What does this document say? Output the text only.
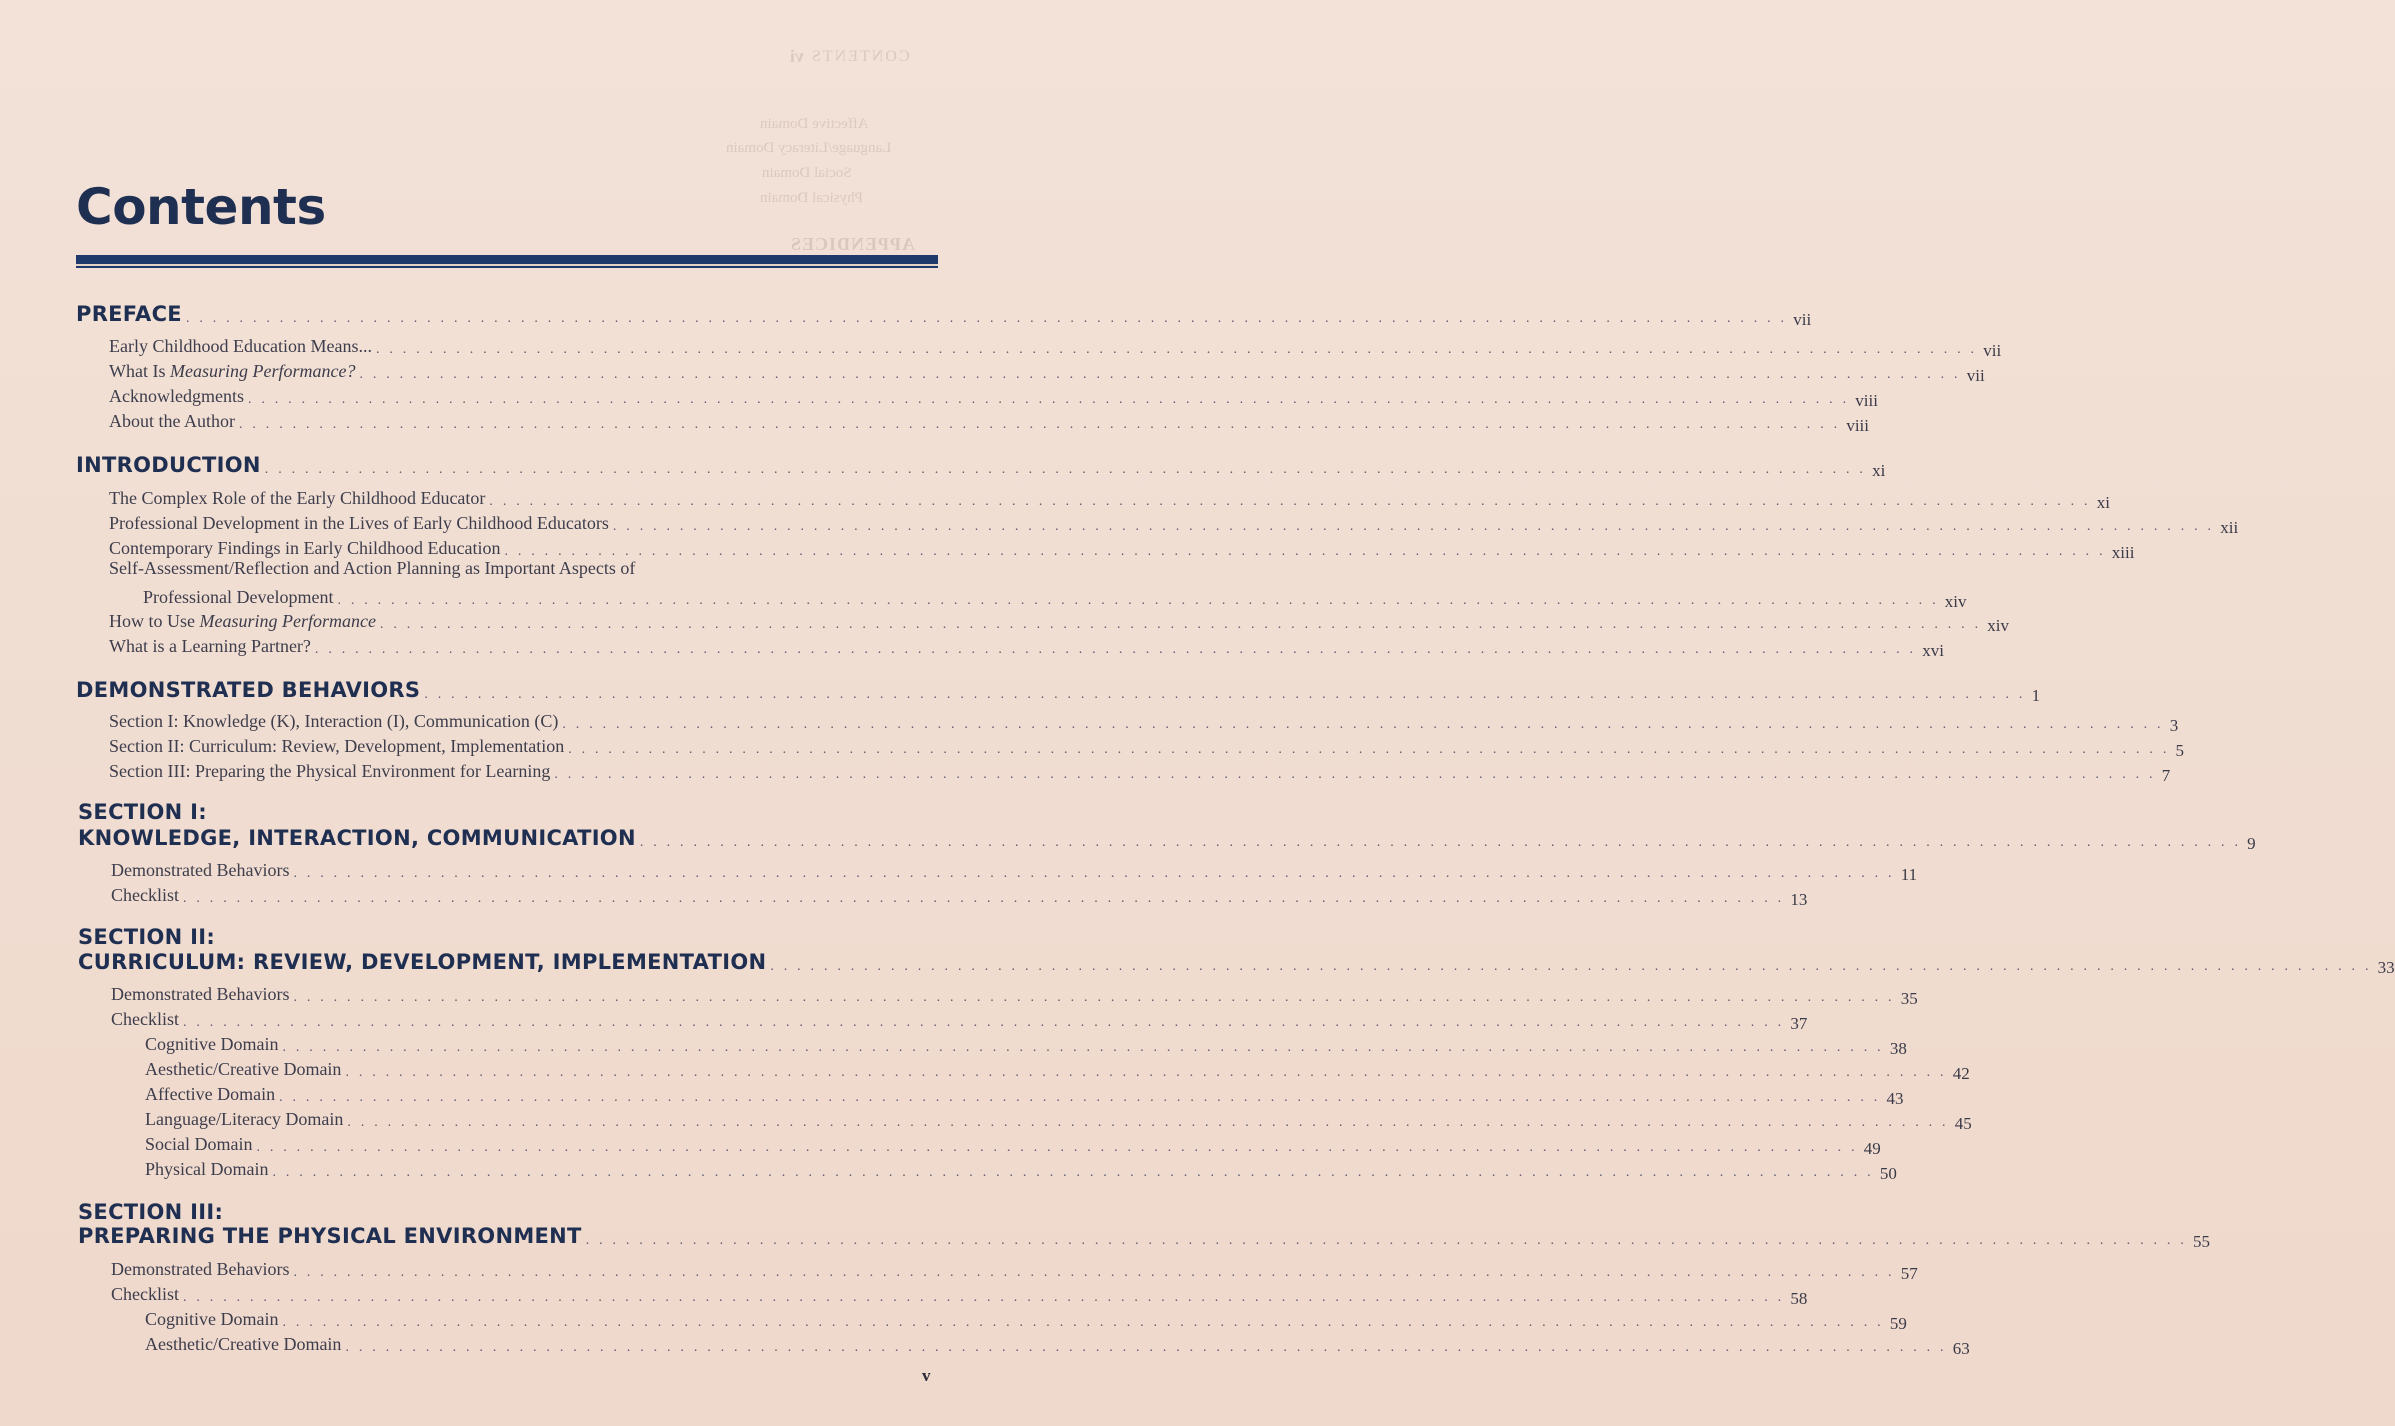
vi CONTENTS
Affective Domain
Language/Literacy Domain
Social Domain
Physical Domain
APPENDICES
Contents
PREFACE . . . . . . . . . . . . . . . . . . . . . . . . . . . . . . . . . . . . . . . . . . . . . . . . . . . . . . . . . . . . . . . . . . . . . . . . . . . . . . . . . . . . . . . . . . . . . . . . . . . . . . . . . . . . . . . . . . . . . . . . vii
Early Childhood Education Means... . . . . . . . . . . . . . . . . . . . . . . . . . . . . . . . . . . . . . . . . . . . . . . . . . . . . . . . . . . . . . . . . . . . . . . . . . . . . . . . . . . . . . . . . . . . . . . . . . . . . . . . . . . . . . . . . . . . . . . . . vii
What Is Measuring Performance? . . . . . . . . . . . . . . . . . . . . . . . . . . . . . . . . . . . . . . . . . . . . . . . . . . . . . . . . . . . . . . . . . . . . . . . . . . . . . . . . . . . . . . . . . . . . . . . . . . . . . . . . . . . . . . . . . . . . . . . . vii
Acknowledgments . . . . . . . . . . . . . . . . . . . . . . . . . . . . . . . . . . . . . . . . . . . . . . . . . . . . . . . . . . . . . . . . . . . . . . . . . . . . . . . . . . . . . . . . . . . . . . . . . . . . . . . . . . . . . . . . . . . . . . . . viii
About the Author . . . . . . . . . . . . . . . . . . . . . . . . . . . . . . . . . . . . . . . . . . . . . . . . . . . . . . . . . . . . . . . . . . . . . . . . . . . . . . . . . . . . . . . . . . . . . . . . . . . . . . . . . . . . . . . . . . . . . . . . viii
INTRODUCTION . . . . . . . . . . . . . . . . . . . . . . . . . . . . . . . . . . . . . . . . . . . . . . . . . . . . . . . . . . . . . . . . . . . . . . . . . . . . . . . . . . . . . . . . . . . . . . . . . . . . . . . . . . . . . . . . . . . . . . . . xi
The Complex Role of the Early Childhood Educator . . . . . . . . . . . . . . . . . . . . . . . . . . . . . . . . . . . . . . . . . . . . . . . . . . . . . . . . . . . . . . . . . . . . . . . . . . . . . . . . . . . . . . . . . . . . . . . . . . . . . . . . . . . . . . . . . . . . . . . . xi
Professional Development in the Lives of Early Childhood Educators . . . . . . . . . . . . . . . . . . . . . . . . . . . . . . . . . . . . . . . . . . . . . . . . . . . . . . . . . . . . . . . . . . . . . . . . . . . . . . . . . . . . . . . . . . . . . . . . . . . . . . . . . . . . . . . . . . . . . . . . xii
Contemporary Findings in Early Childhood Education . . . . . . . . . . . . . . . . . . . . . . . . . . . . . . . . . . . . . . . . . . . . . . . . . . . . . . . . . . . . . . . . . . . . . . . . . . . . . . . . . . . . . . . . . . . . . . . . . . . . . . . . . . . . . . . . . . . . . . . . xiii
Self-Assessment/Reflection and Action Planning as Important Aspects of
Professional Development . . . . . . . . . . . . . . . . . . . . . . . . . . . . . . . . . . . . . . . . . . . . . . . . . . . . . . . . . . . . . . . . . . . . . . . . . . . . . . . . . . . . . . . . . . . . . . . . . . . . . . . . . . . . . . . . . . . . . . . . xiv
How to Use Measuring Performance . . . . . . . . . . . . . . . . . . . . . . . . . . . . . . . . . . . . . . . . . . . . . . . . . . . . . . . . . . . . . . . . . . . . . . . . . . . . . . . . . . . . . . . . . . . . . . . . . . . . . . . . . . . . . . . . . . . . . . . . xiv
What is a Learning Partner? . . . . . . . . . . . . . . . . . . . . . . . . . . . . . . . . . . . . . . . . . . . . . . . . . . . . . . . . . . . . . . . . . . . . . . . . . . . . . . . . . . . . . . . . . . . . . . . . . . . . . . . . . . . . . . . . . . . . . . . . xvi
DEMONSTRATED BEHAVIORS . . . . . . . . . . . . . . . . . . . . . . . . . . . . . . . . . . . . . . . . . . . . . . . . . . . . . . . . . . . . . . . . . . . . . . . . . . . . . . . . . . . . . . . . . . . . . . . . . . . . . . . . . . . . . . . . . . . . . . . . 1
Section I: Knowledge (K), Interaction (I), Communication (C) . . . . . . . . . . . . . . . . . . . . . . . . . . . . . . . . . . . . . . . . . . . . . . . . . . . . . . . . . . . . . . . . . . . . . . . . . . . . . . . . . . . . . . . . . . . . . . . . . . . . . . . . . . . . . . . . . . . . . . . . 3
Section II: Curriculum: Review, Development, Implementation . . . . . . . . . . . . . . . . . . . . . . . . . . . . . . . . . . . . . . . . . . . . . . . . . . . . . . . . . . . . . . . . . . . . . . . . . . . . . . . . . . . . . . . . . . . . . . . . . . . . . . . . . . . . . . . . . . . . . . . . 5
Section III: Preparing the Physical Environment for Learning . . . . . . . . . . . . . . . . . . . . . . . . . . . . . . . . . . . . . . . . . . . . . . . . . . . . . . . . . . . . . . . . . . . . . . . . . . . . . . . . . . . . . . . . . . . . . . . . . . . . . . . . . . . . . . . . . . . . . . . . 7
SECTION I:
KNOWLEDGE, INTERACTION, COMMUNICATION . . . . . . . . . . . . . . . . . . . . . . . . . . . . . . . . . . . . . . . . . . . . . . . . . . . . . . . . . . . . . . . . . . . . . . . . . . . . . . . . . . . . . . . . . . . . . . . . . . . . . . . . . . . . . . . . . . . . . . . . 9
Demonstrated Behaviors . . . . . . . . . . . . . . . . . . . . . . . . . . . . . . . . . . . . . . . . . . . . . . . . . . . . . . . . . . . . . . . . . . . . . . . . . . . . . . . . . . . . . . . . . . . . . . . . . . . . . . . . . . . . . . . . . . . . . . . . 11
Checklist . . . . . . . . . . . . . . . . . . . . . . . . . . . . . . . . . . . . . . . . . . . . . . . . . . . . . . . . . . . . . . . . . . . . . . . . . . . . . . . . . . . . . . . . . . . . . . . . . . . . . . . . . . . . . . . . . . . . . . . . 13
SECTION II:
CURRICULUM: REVIEW, DEVELOPMENT, IMPLEMENTATION . . . . . . . . . . . . . . . . . . . . . . . . . . . . . . . . . . . . . . . . . . . . . . . . . . . . . . . . . . . . . . . . . . . . . . . . . . . . . . . . . . . . . . . . . . . . . . . . . . . . . . . . . . . . . . . . . . . . . . . . 33
Demonstrated Behaviors . . . . . . . . . . . . . . . . . . . . . . . . . . . . . . . . . . . . . . . . . . . . . . . . . . . . . . . . . . . . . . . . . . . . . . . . . . . . . . . . . . . . . . . . . . . . . . . . . . . . . . . . . . . . . . . . . . . . . . . . 35
Checklist . . . . . . . . . . . . . . . . . . . . . . . . . . . . . . . . . . . . . . . . . . . . . . . . . . . . . . . . . . . . . . . . . . . . . . . . . . . . . . . . . . . . . . . . . . . . . . . . . . . . . . . . . . . . . . . . . . . . . . . . 37
Cognitive Domain . . . . . . . . . . . . . . . . . . . . . . . . . . . . . . . . . . . . . . . . . . . . . . . . . . . . . . . . . . . . . . . . . . . . . . . . . . . . . . . . . . . . . . . . . . . . . . . . . . . . . . . . . . . . . . . . . . . . . . . . 38
Aesthetic/Creative Domain . . . . . . . . . . . . . . . . . . . . . . . . . . . . . . . . . . . . . . . . . . . . . . . . . . . . . . . . . . . . . . . . . . . . . . . . . . . . . . . . . . . . . . . . . . . . . . . . . . . . . . . . . . . . . . . . . . . . . . . . 42
Affective Domain . . . . . . . . . . . . . . . . . . . . . . . . . . . . . . . . . . . . . . . . . . . . . . . . . . . . . . . . . . . . . . . . . . . . . . . . . . . . . . . . . . . . . . . . . . . . . . . . . . . . . . . . . . . . . . . . . . . . . . . . 43
Language/Literacy Domain . . . . . . . . . . . . . . . . . . . . . . . . . . . . . . . . . . . . . . . . . . . . . . . . . . . . . . . . . . . . . . . . . . . . . . . . . . . . . . . . . . . . . . . . . . . . . . . . . . . . . . . . . . . . . . . . . . . . . . . . 45
Social Domain . . . . . . . . . . . . . . . . . . . . . . . . . . . . . . . . . . . . . . . . . . . . . . . . . . . . . . . . . . . . . . . . . . . . . . . . . . . . . . . . . . . . . . . . . . . . . . . . . . . . . . . . . . . . . . . . . . . . . . . . 49
Physical Domain . . . . . . . . . . . . . . . . . . . . . . . . . . . . . . . . . . . . . . . . . . . . . . . . . . . . . . . . . . . . . . . . . . . . . . . . . . . . . . . . . . . . . . . . . . . . . . . . . . . . . . . . . . . . . . . . . . . . . . . . 50
SECTION III:
PREPARING THE PHYSICAL ENVIRONMENT . . . . . . . . . . . . . . . . . . . . . . . . . . . . . . . . . . . . . . . . . . . . . . . . . . . . . . . . . . . . . . . . . . . . . . . . . . . . . . . . . . . . . . . . . . . . . . . . . . . . . . . . . . . . . . . . . . . . . . . . 55
Demonstrated Behaviors . . . . . . . . . . . . . . . . . . . . . . . . . . . . . . . . . . . . . . . . . . . . . . . . . . . . . . . . . . . . . . . . . . . . . . . . . . . . . . . . . . . . . . . . . . . . . . . . . . . . . . . . . . . . . . . . . . . . . . . . 57
Checklist . . . . . . . . . . . . . . . . . . . . . . . . . . . . . . . . . . . . . . . . . . . . . . . . . . . . . . . . . . . . . . . . . . . . . . . . . . . . . . . . . . . . . . . . . . . . . . . . . . . . . . . . . . . . . . . . . . . . . . . . 58
Cognitive Domain . . . . . . . . . . . . . . . . . . . . . . . . . . . . . . . . . . . . . . . . . . . . . . . . . . . . . . . . . . . . . . . . . . . . . . . . . . . . . . . . . . . . . . . . . . . . . . . . . . . . . . . . . . . . . . . . . . . . . . . . 59
Aesthetic/Creative Domain . . . . . . . . . . . . . . . . . . . . . . . . . . . . . . . . . . . . . . . . . . . . . . . . . . . . . . . . . . . . . . . . . . . . . . . . . . . . . . . . . . . . . . . . . . . . . . . . . . . . . . . . . . . . . . . . . . . . . . . . 63
v
